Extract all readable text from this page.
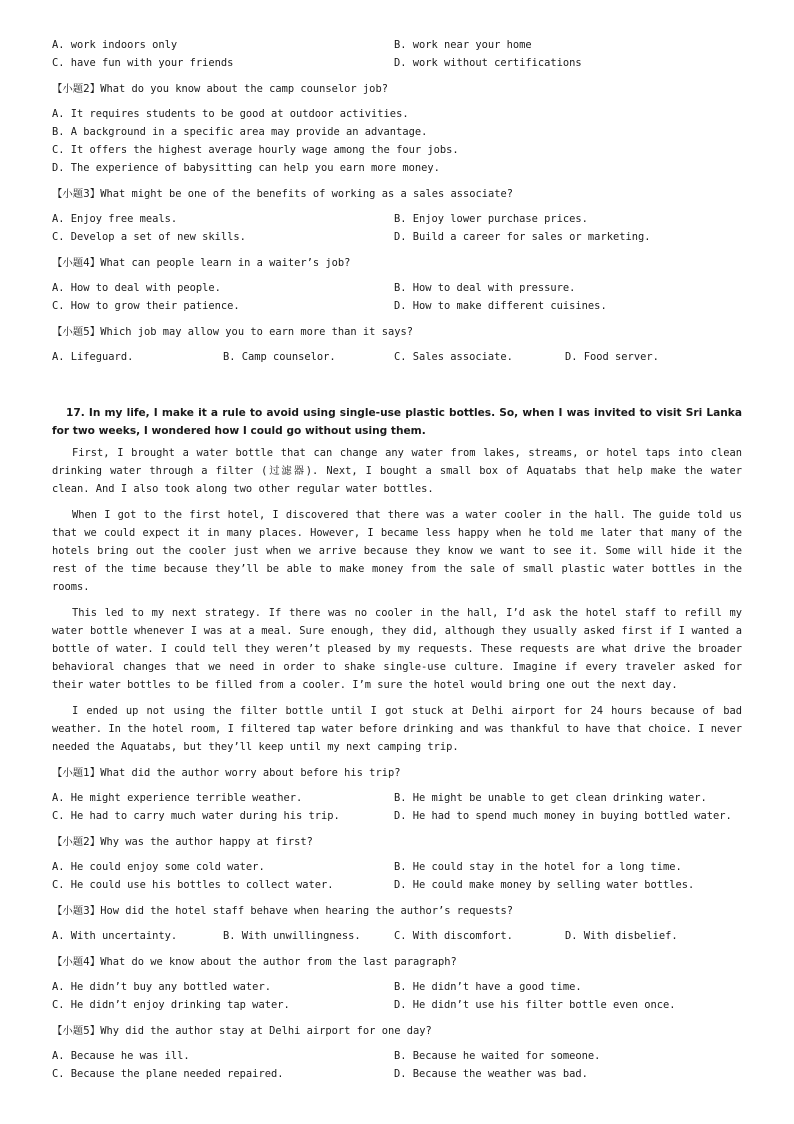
A. work indoors only	B. work near your home
C. have fun with your friends	D. work without certifications
【小题2】What do you know about the camp counselor job?
A. It requires students to be good at outdoor activities.
B. A background in a specific area may provide an advantage.
C. It offers the highest average hourly wage among the four jobs.
D. The experience of babysitting can help you earn more money.
【小题3】What might be one of the benefits of working as a sales associate?
A. Enjoy free meals.	B. Enjoy lower purchase prices.
C. Develop a set of new skills.	D. Build a career for sales or marketing.
【小题4】What can people learn in a waiter’s job?
A. How to deal with people.	B. How to deal with pressure.
C. How to grow their patience.	D. How to make different cuisines.
【小题5】Which job may allow you to earn more than it says?
A. Lifeguard.	B. Camp counselor.	C. Sales associate.	D. Food server.
17. In my life, I make it a rule to avoid using single-use plastic bottles. So, when I was invited to visit Sri Lanka for two weeks, I wondered how I could go without using them.

First, I brought a water bottle that can change any water from lakes, streams, or hotel taps into clean drinking water through a filter (过滤器). Next, I bought a small box of Aquatabs that help make the water clean. And I also took along two other regular water bottles.

When I got to the first hotel, I discovered that there was a water cooler in the hall. The guide told us that we could expect it in many places. However, I became less happy when he told me later that many of the hotels bring out the cooler just when we arrive because they know we want to see it. Some will hide it the rest of the time because they’ll be able to make money from the sale of small plastic water bottles in the rooms.

This led to my next strategy. If there was no cooler in the hall, I’d ask the hotel staff to refill my water bottle whenever I was at a meal. Sure enough, they did, although they usually asked first if I wanted a bottle of water. I could tell they weren’t pleased by my requests. These requests are what drive the broader behavioral changes that we need in order to shake single-use culture. Imagine if every traveler asked for their water bottles to be filled from a cooler. I’m sure the hotel would bring one out the next day.

I ended up not using the filter bottle until I got stuck at Delhi airport for 24 hours because of bad weather. In the hotel room, I filtered tap water before drinking and was thankful to have that choice. I never needed the Aquatabs, but they’ll keep until my next camping trip.

【小题1】What did the author worry about before his trip?
A. He might experience terrible weather.	B. He might be unable to get clean drinking water.
C. He had to carry much water during his trip.	D. He had to spend much money in buying bottled water.
【小题2】Why was the author happy at first?
A. He could enjoy some cold water.	B. He could stay in the hotel for a long time.
C. He could use his bottles to collect water.	D. He could make money by selling water bottles.
【小题3】How did the hotel staff behave when hearing the author’s requests?
A. With uncertainty.	B. With unwillingness.	C. With discomfort.	D. With disbelief.
【小题4】What do we know about the author from the last paragraph?
A. He didn’t buy any bottled water.	B. He didn’t have a good time.
C. He didn’t enjoy drinking tap water.	D. He didn’t use his filter bottle even once.
【小题5】Why did the author stay at Delhi airport for one day?
A. Because he was ill.	B. Because he waited for someone.
C. Because the plane needed repaired.	D. Because the weather was bad.
